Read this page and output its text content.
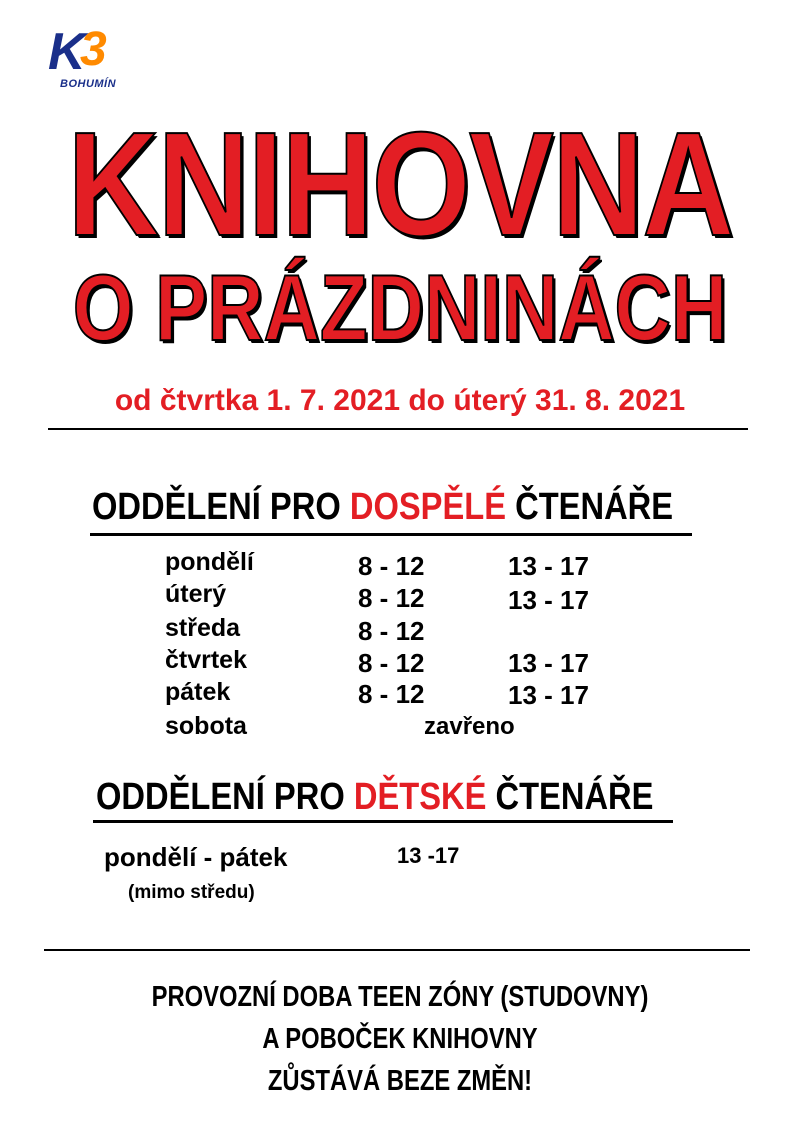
K
3
BOHUMÍN
KNIHOVNA
O PRÁZDNINÁCH
od čtvrtka 1. 7. 2021 do úterý 31. 8. 2021
ODDĚLENÍ PRO DOSPĚLÉ ČTENÁŘE
pondělí	8 - 12	13 - 17
úterý	8 - 12	13 - 17
středa	8 - 12
čtvrtek	8 - 12	13 - 17
pátek	8 - 12	13 - 17
sobota	zavřeno
ODDĚLENÍ PRO DĚTSKÉ ČTENÁŘE
pondělí - pátek	13 -17
(mimo středu)
PROVOZNÍ DOBA TEEN ZÓNY (STUDOVNY)
A POBOČEK KNIHOVNY
ZŮSTÁVÁ BEZE ZMĚN!
